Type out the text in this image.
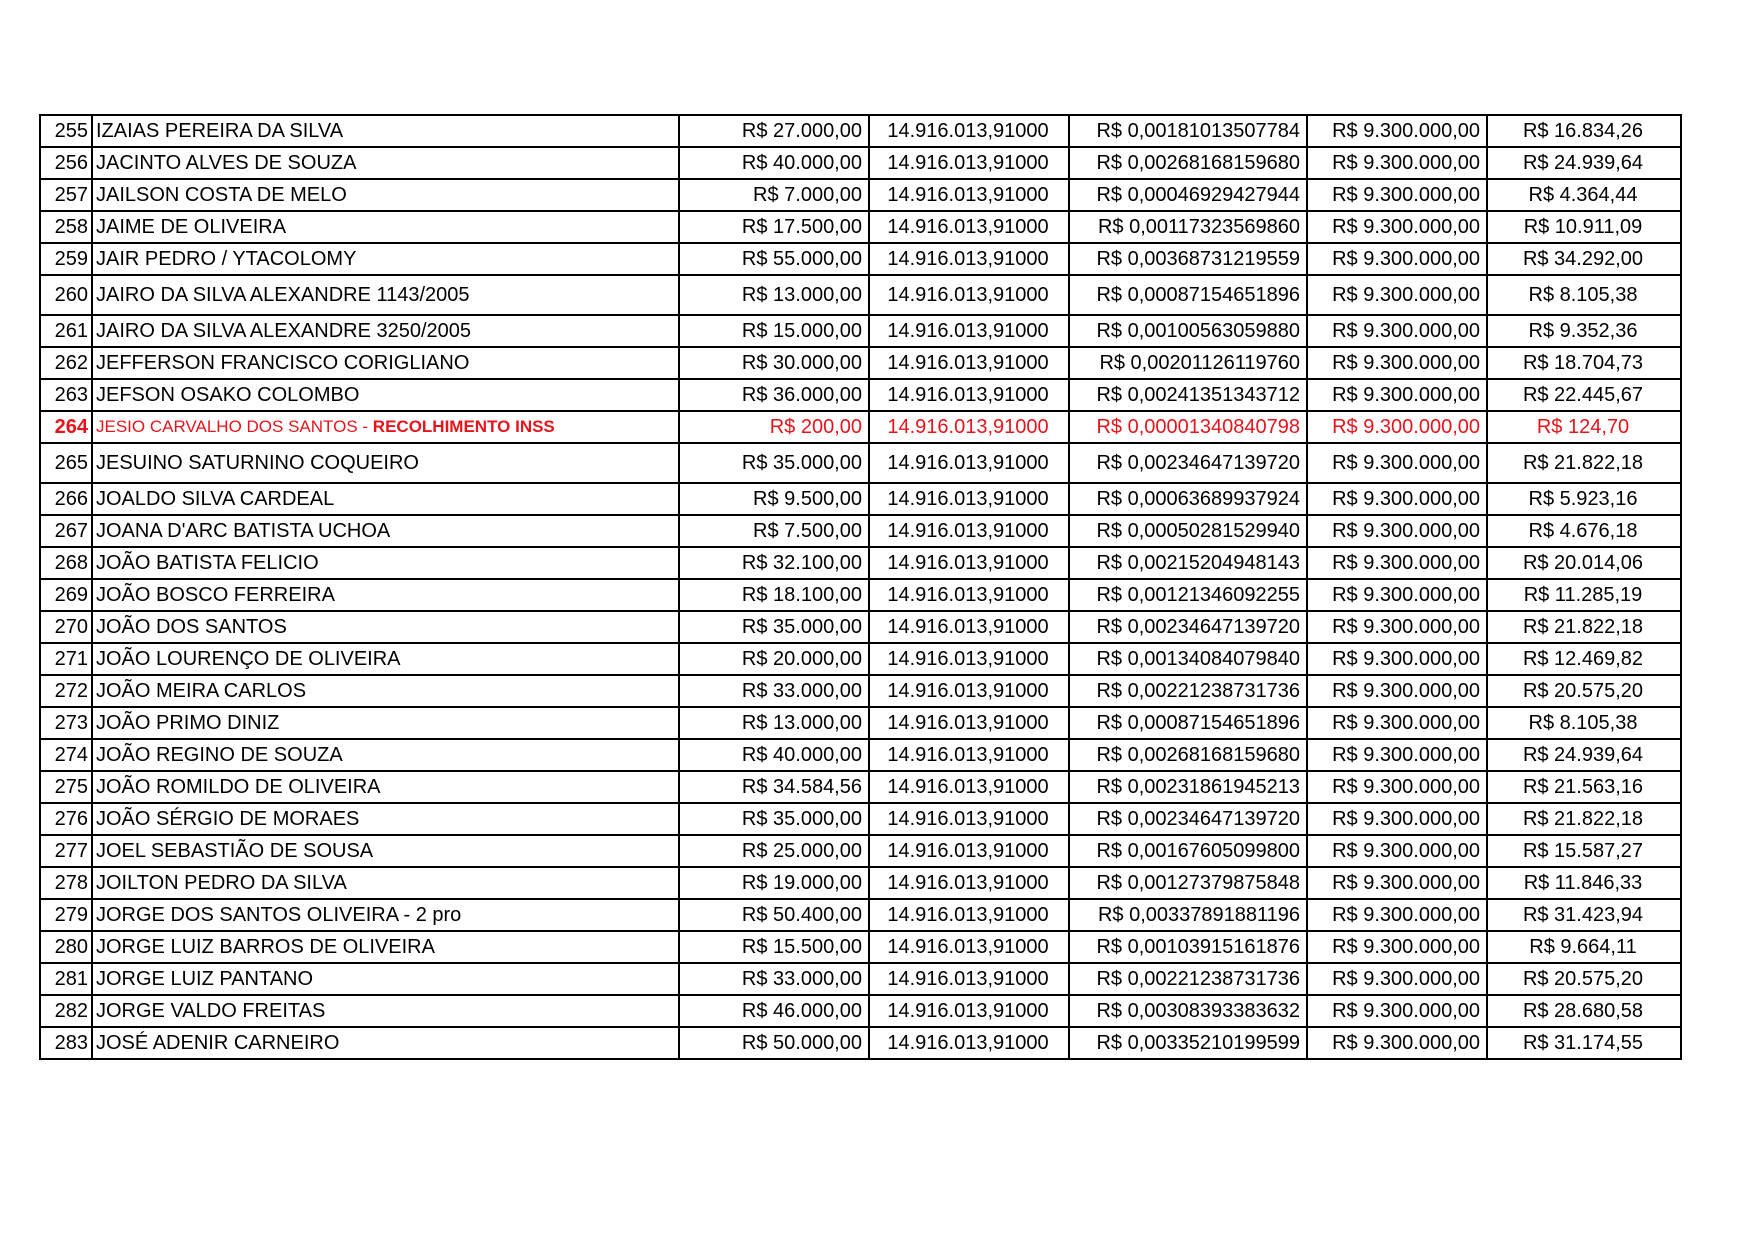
255	IZAIAS PEREIRA DA SILVA	R$ 27.000,00	14.916.013,91000	R$ 0,00181013507784	R$ 9.300.000,00	R$ 16.834,26
256	JACINTO ALVES DE SOUZA	R$ 40.000,00	14.916.013,91000	R$ 0,00268168159680	R$ 9.300.000,00	R$ 24.939,64
257	JAILSON COSTA DE MELO	R$ 7.000,00	14.916.013,91000	R$ 0,00046929427944	R$ 9.300.000,00	R$ 4.364,44
258	JAIME DE OLIVEIRA	R$ 17.500,00	14.916.013,91000	R$ 0,00117323569860	R$ 9.300.000,00	R$ 10.911,09
259	JAIR PEDRO / YTACOLOMY	R$ 55.000,00	14.916.013,91000	R$ 0,00368731219559	R$ 9.300.000,00	R$ 34.292,00
260	JAIRO DA SILVA ALEXANDRE 1143/2005	R$ 13.000,00	14.916.013,91000	R$ 0,00087154651896	R$ 9.300.000,00	R$ 8.105,38
261	JAIRO DA SILVA ALEXANDRE 3250/2005	R$ 15.000,00	14.916.013,91000	R$ 0,00100563059880	R$ 9.300.000,00	R$ 9.352,36
262	JEFFERSON FRANCISCO CORIGLIANO	R$ 30.000,00	14.916.013,91000	R$ 0,00201126119760	R$ 9.300.000,00	R$ 18.704,73
263	JEFSON OSAKO COLOMBO	R$ 36.000,00	14.916.013,91000	R$ 0,00241351343712	R$ 9.300.000,00	R$ 22.445,67
264	JESIO CARVALHO DOS SANTOS - RECOLHIMENTO INSS	R$ 200,00	14.916.013,91000	R$ 0,00001340840798	R$ 9.300.000,00	R$ 124,70
265	JESUINO SATURNINO COQUEIRO	R$ 35.000,00	14.916.013,91000	R$ 0,00234647139720	R$ 9.300.000,00	R$ 21.822,18
266	JOALDO SILVA CARDEAL	R$ 9.500,00	14.916.013,91000	R$ 0,00063689937924	R$ 9.300.000,00	R$ 5.923,16
267	JOANA D'ARC BATISTA UCHOA	R$ 7.500,00	14.916.013,91000	R$ 0,00050281529940	R$ 9.300.000,00	R$ 4.676,18
268	JOÃO BATISTA FELICIO	R$ 32.100,00	14.916.013,91000	R$ 0,00215204948143	R$ 9.300.000,00	R$ 20.014,06
269	JOÃO BOSCO FERREIRA	R$ 18.100,00	14.916.013,91000	R$ 0,00121346092255	R$ 9.300.000,00	R$ 11.285,19
270	JOÃO DOS SANTOS	R$ 35.000,00	14.916.013,91000	R$ 0,00234647139720	R$ 9.300.000,00	R$ 21.822,18
271	JOÃO LOURENÇO DE OLIVEIRA	R$ 20.000,00	14.916.013,91000	R$ 0,00134084079840	R$ 9.300.000,00	R$ 12.469,82
272	JOÃO MEIRA CARLOS	R$ 33.000,00	14.916.013,91000	R$ 0,00221238731736	R$ 9.300.000,00	R$ 20.575,20
273	JOÃO PRIMO DINIZ	R$ 13.000,00	14.916.013,91000	R$ 0,00087154651896	R$ 9.300.000,00	R$ 8.105,38
274	JOÃO REGINO DE SOUZA	R$ 40.000,00	14.916.013,91000	R$ 0,00268168159680	R$ 9.300.000,00	R$ 24.939,64
275	JOÃO ROMILDO DE OLIVEIRA	R$ 34.584,56	14.916.013,91000	R$ 0,00231861945213	R$ 9.300.000,00	R$ 21.563,16
276	JOÃO SÉRGIO DE MORAES	R$ 35.000,00	14.916.013,91000	R$ 0,00234647139720	R$ 9.300.000,00	R$ 21.822,18
277	JOEL SEBASTIÃO DE SOUSA	R$ 25.000,00	14.916.013,91000	R$ 0,00167605099800	R$ 9.300.000,00	R$ 15.587,27
278	JOILTON PEDRO DA SILVA	R$ 19.000,00	14.916.013,91000	R$ 0,00127379875848	R$ 9.300.000,00	R$ 11.846,33
279	JORGE DOS SANTOS OLIVEIRA - 2 pro	R$ 50.400,00	14.916.013,91000	R$ 0,00337891881196	R$ 9.300.000,00	R$ 31.423,94
280	JORGE LUIZ BARROS DE OLIVEIRA	R$ 15.500,00	14.916.013,91000	R$ 0,00103915161876	R$ 9.300.000,00	R$ 9.664,11
281	JORGE LUIZ PANTANO	R$ 33.000,00	14.916.013,91000	R$ 0,00221238731736	R$ 9.300.000,00	R$ 20.575,20
282	JORGE VALDO FREITAS	R$ 46.000,00	14.916.013,91000	R$ 0,00308393383632	R$ 9.300.000,00	R$ 28.680,58
283	JOSÉ ADENIR CARNEIRO	R$ 50.000,00	14.916.013,91000	R$ 0,00335210199599	R$ 9.300.000,00	R$ 31.174,55
